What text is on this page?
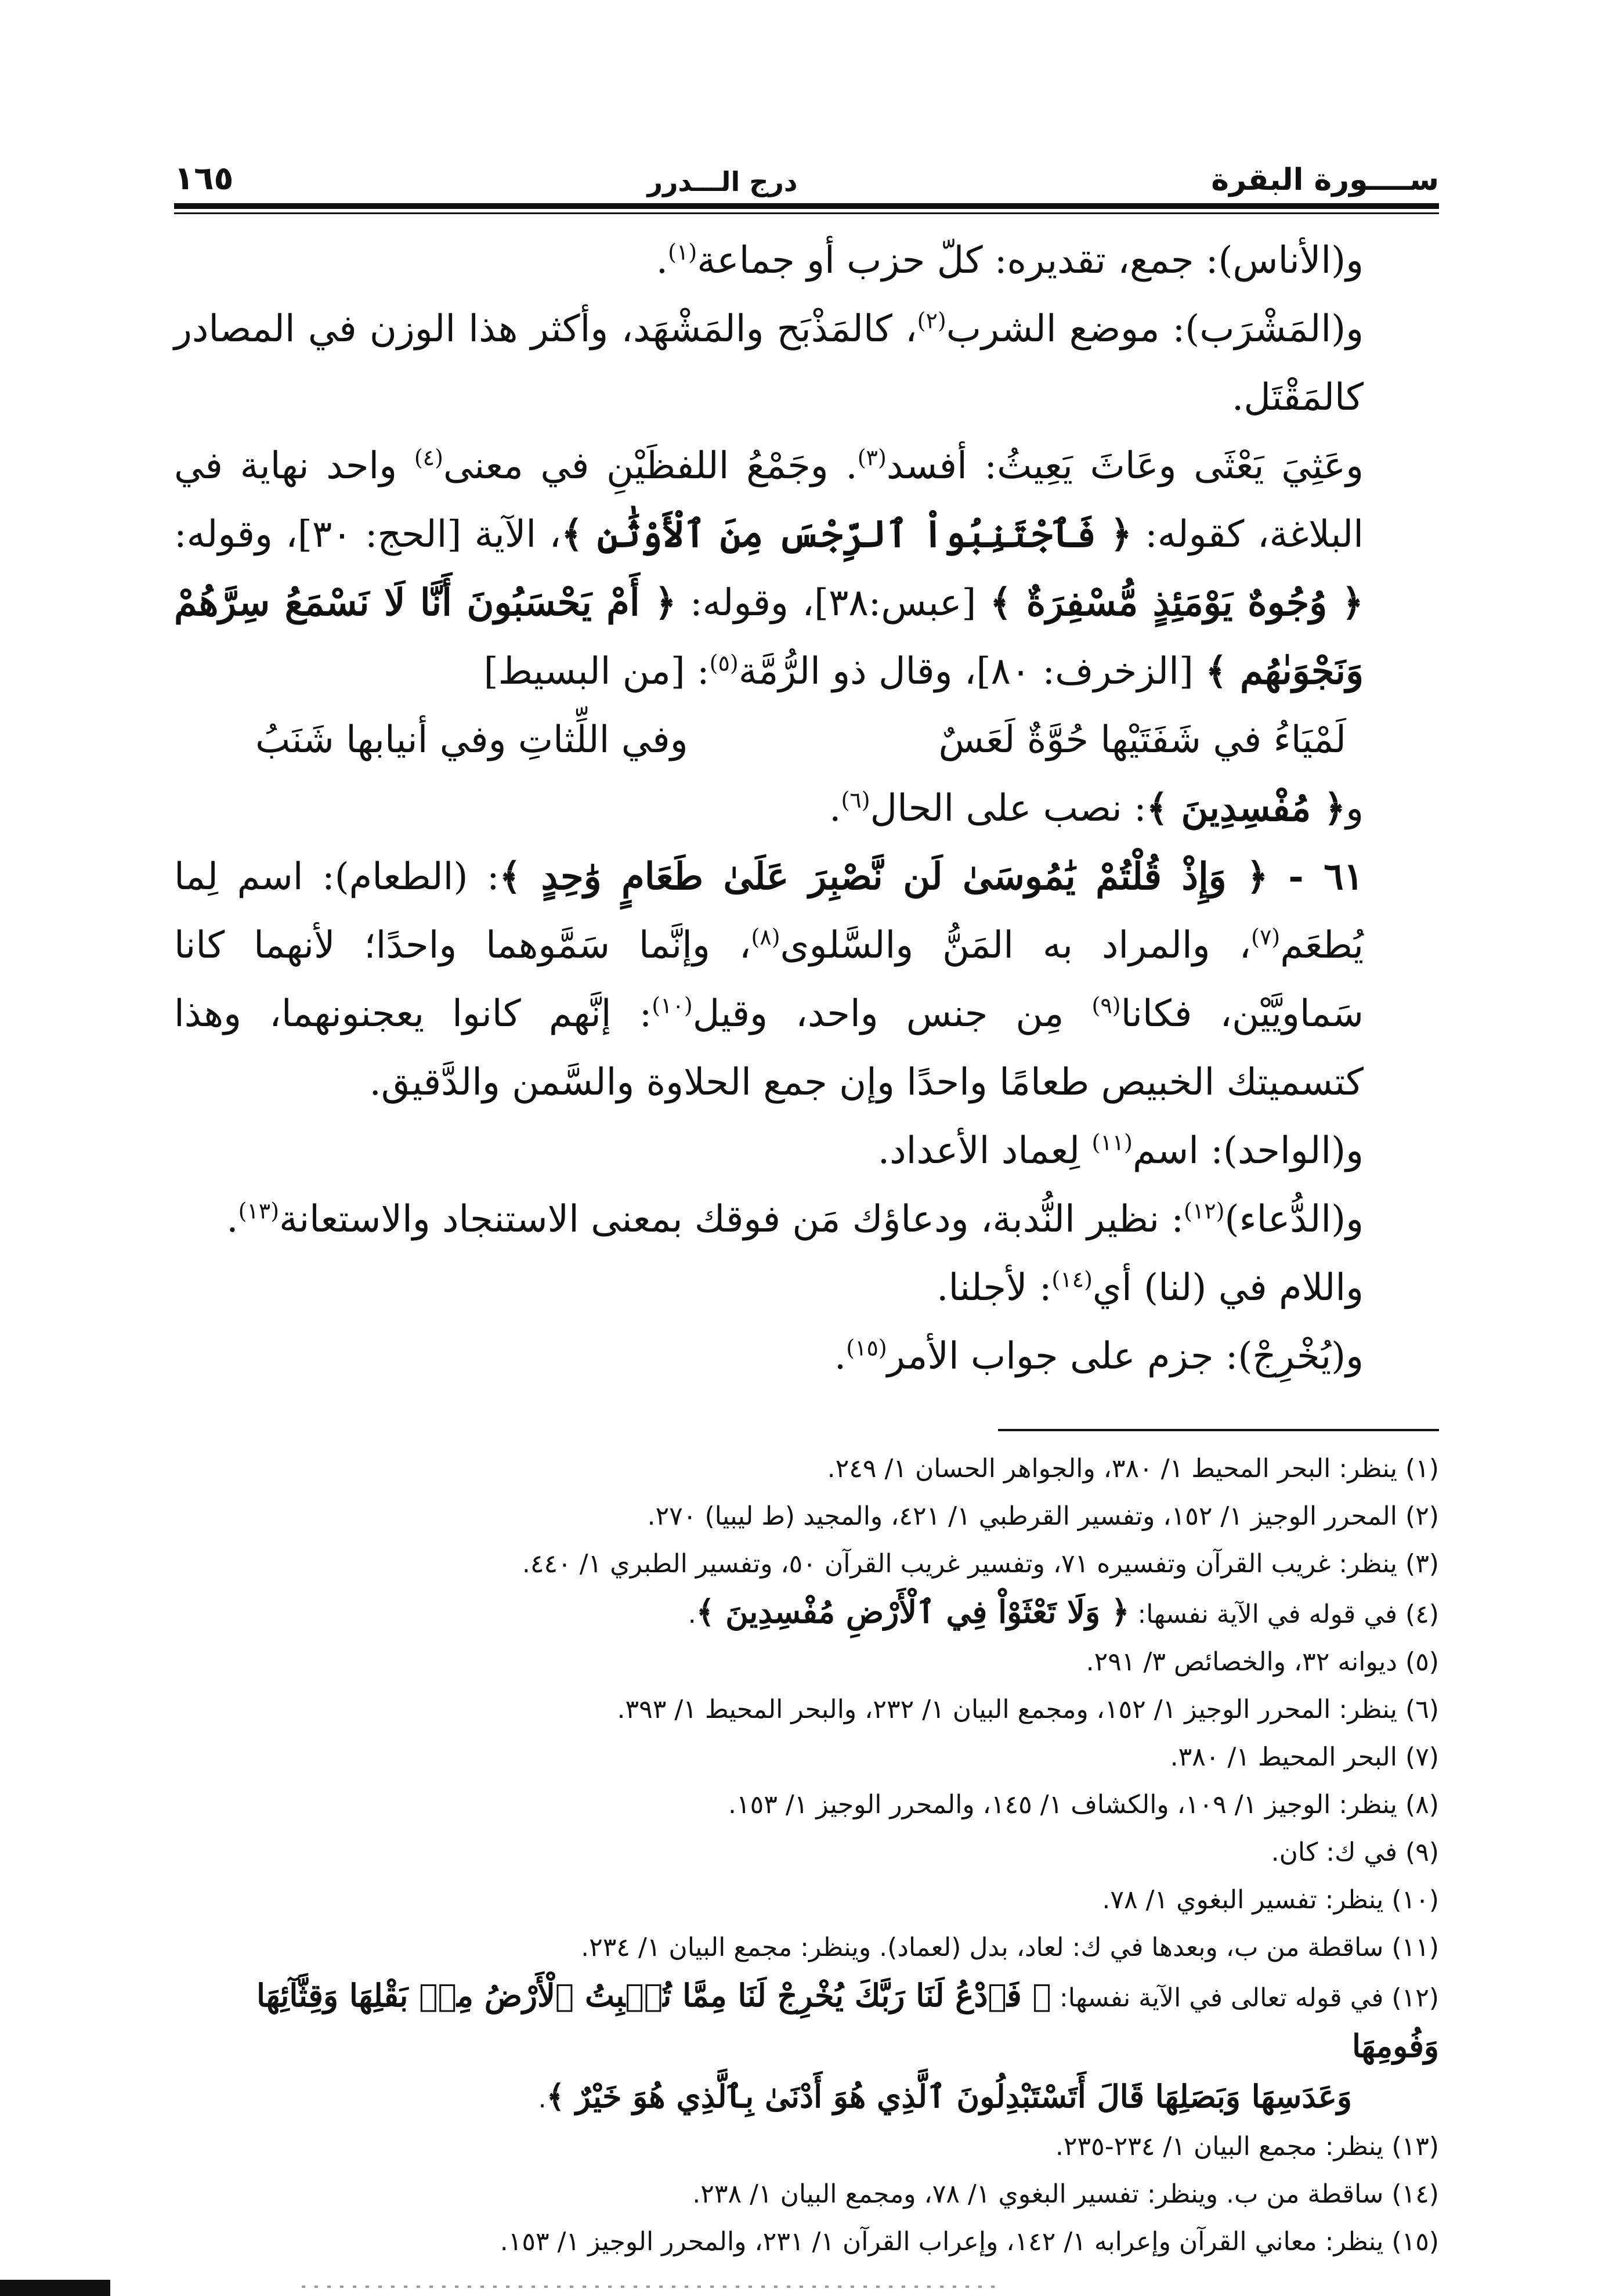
ســــورة البقرة
درج الـــدرر
١٦٥

و(الأناس): جمع، تقديره: كلّ حزب أو جماعة$^{(١)}$.

و(المَشْرَب): موضع الشرب$^{(٢)}$، كالمَذْبَح والمَشْهَد، وأكثر هذا الوزن في المصادر كالمَقْتَل.

وعَثِيَ يَعْثَى وعَاثَ يَعِيثُ: أفسد$^{(٣)}$. وجَمْعُ اللفظَيْنِ في معنى$^{(٤)}$ واحد نهاية في البلاغة، كقوله: ﴿ فَٱجْتَنِبُواْ ٱلرِّجْسَ مِنَ ٱلْأَوْثَٰنِ ﴾، الآية [الحج: ٣٠]، وقوله: ﴿ وُجُوهٌ يَوْمَئِذٍ مُّسْفِرَةٌ ﴾ [عبس:٣٨]، وقوله: ﴿ أَمْ يَحْسَبُونَ أَنَّا لَا نَسْمَعُ سِرَّهُمْ وَنَجْوَىٰهُم ﴾ [الزخرف: ٨٠]، وقال ذو الرُّمَّة$^{(٥)}$: [من البسيط]

لَمْيَاءُ في شَفَتَيْها حُوَّةٌ لَعَسٌ
وفي اللِّثاتِ وفي أنيابها شَنَبُ

و﴿ مُفْسِدِينَ ﴾: نصب على الحال$^{(٦)}$.

٦١ - ﴿ وَإِذْ قُلْتُمْ يَٰمُوسَىٰ لَن نَّصْبِرَ عَلَىٰ طَعَامٍ وَٰحِدٍ ﴾: (الطعام): اسم لِما يُطعَم$^{(٧)}$، والمراد به المَنُّ والسَّلوى$^{(٨)}$، وإنَّما سَمَّوهما واحدًا؛ لأنهما كانا سَماويَّيْن، فكانا$^{(٩)}$ مِن جنس واحد، وقيل$^{(١٠)}$: إنَّهم كانوا يعجنونهما، وهذا كتسميتك الخبيص طعامًا واحدًا وإن جمع الحلاوة والسَّمن والدَّقيق.

و(الواحد): اسم$^{(١١)}$ لِعماد الأعداد.

و(الدُّعاء)$^{(١٢)}$: نظير النُّدبة، ودعاؤك مَن فوقك بمعنى الاستنجاد والاستعانة$^{(١٣)}$.

واللام في (لنا) أي$^{(١٤)}$: لأجلنا.

و(يُخْرِجْ): جزم على جواب الأمر$^{(١٥)}$.

(١) ينظر: البحر المحيط ١/ ٣٨٠، والجواهر الحسان ١/ ٢٤٩.

(٢) المحرر الوجيز ١/ ١٥٢، وتفسير القرطبي ١/ ٤٢١، والمجيد (ط ليبيا) ٢٧٠.

(٣) ينظر: غريب القرآن وتفسيره ٧١، وتفسير غريب القرآن ٥٠، وتفسير الطبري ١/ ٤٤٠.

(٤) في قوله في الآية نفسها: ﴿ وَلَا تَعْثَوْاْ فِي ٱلْأَرْضِ مُفْسِدِينَ ﴾.

(٥) ديوانه ٣٢، والخصائص ٣/ ٢٩١.

(٦) ينظر: المحرر الوجيز ١/ ١٥٢، ومجمع البيان ١/ ٢٣٢، والبحر المحيط ١/ ٣٩٣.

(٧) البحر المحيط ١/ ٣٨٠.

(٨) ينظر: الوجيز ١/ ١٠٩، والكشاف ١/ ١٤٥، والمحرر الوجيز ١/ ١٥٣.

(٩) في ك: كان.

(١٠) ينظر: تفسير البغوي ١/ ٧٨.

(١١) ساقطة من ب، وبعدها في ك: لعاد، بدل (لعماد). وينظر: مجمع البيان ١/ ٢٣٤.

(١٢) في قوله تعالى في الآية نفسها: ﴿ فَٱدْعُ لَنَا رَبَّكَ يُخْرِجْ لَنَا مِمَّا تُنۢبِتُ ٱلْأَرْضُ مِنۢ بَقْلِهَا وَقِثَّآئِهَا وَفُومِهَا

وَعَدَسِهَا وَبَصَلِهَا قَالَ أَتَسْتَبْدِلُونَ ٱلَّذِي هُوَ أَدْنَىٰ بِٱلَّذِي هُوَ خَيْرٌ ﴾.

(١٣) ينظر: مجمع البيان ١/ ٢٣٤-٢٣٥.

(١٤) ساقطة من ب. وينظر: تفسير البغوي ١/ ٧٨، ومجمع البيان ١/ ٢٣٨.

(١٥) ينظر: معاني القرآن وإعرابه ١/ ١٤٢، وإعراب القرآن ١/ ٢٣١، والمحرر الوجيز ١/ ١٥٣.
